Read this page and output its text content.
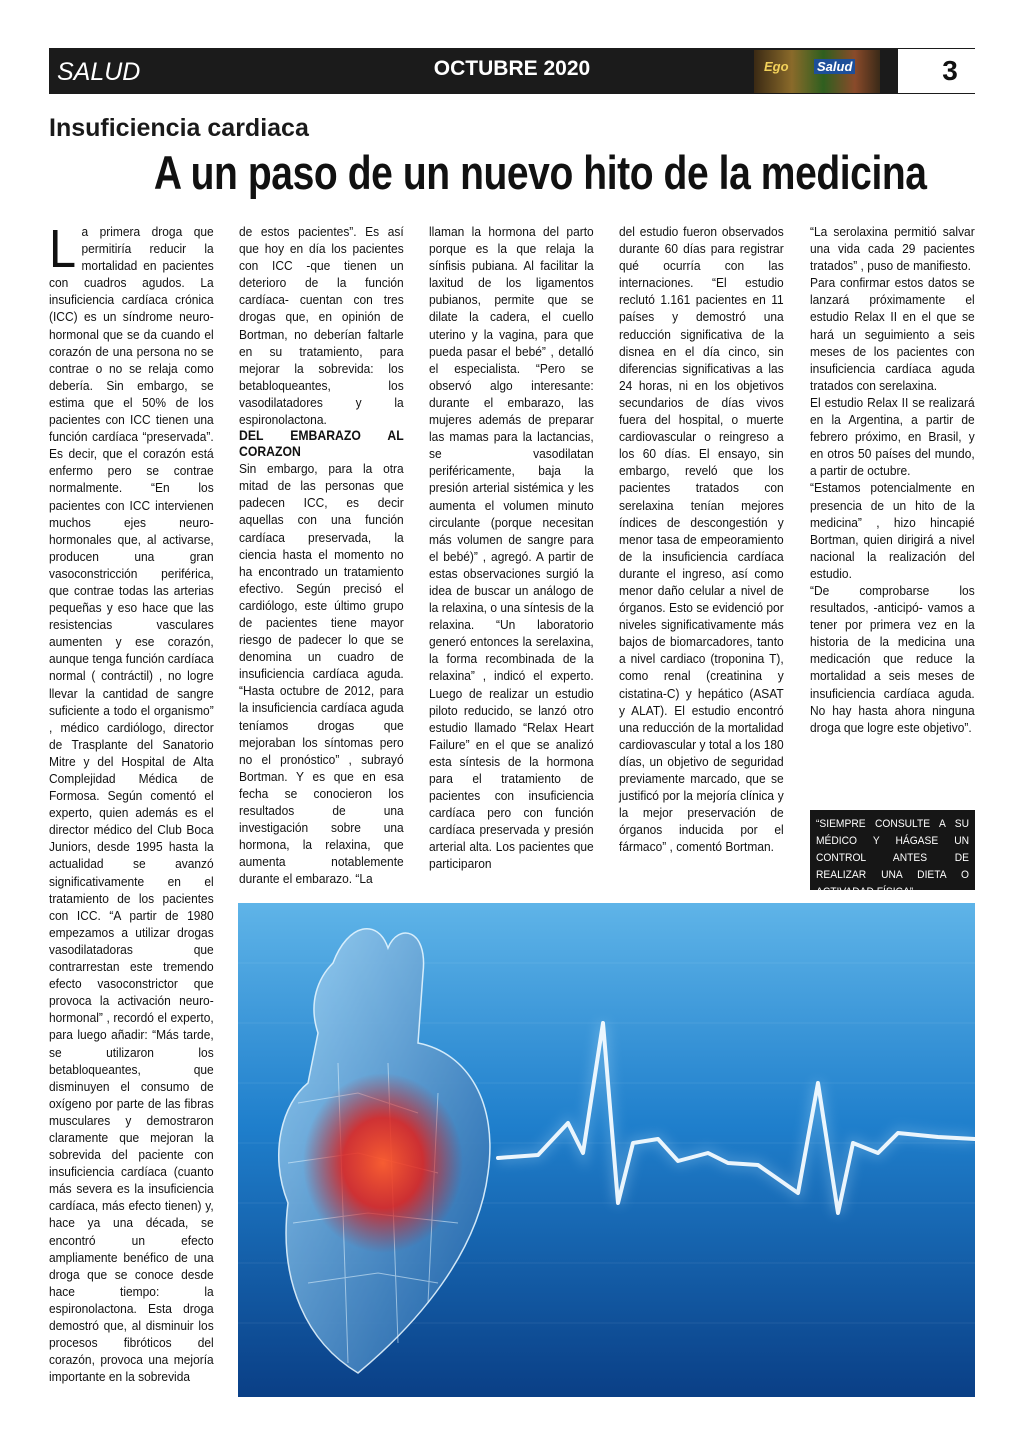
SALUD	OCTUBRE 2020	Ego Salud	3
Insuficiencia cardiaca
A un paso de un nuevo hito de la medicina
L a primera droga que permitiría reducir la mortalidad en pacientes con cuadros agudos. La insuficiencia cardíaca crónica (ICC) es un síndrome neuro-hormonal que se da cuando el corazón de una persona no se contrae o no se relaja como debería. Sin embargo, se estima que el 50% de los pacientes con ICC tienen una función cardíaca “preservada”. Es decir, que el corazón está enfermo pero se contrae normalmente. “En los pacientes con ICC intervienen muchos ejes neuro-hormonales que, al activarse, producen una gran vasoconstricción periférica, que contrae todas las arterias pequeñas y eso hace que las resistencias vasculares aumenten y ese corazón, aunque tenga función cardíaca normal ( contráctil) , no logre llevar la cantidad de sangre suficiente a todo el organismo” , médico cardiólogo, director de Trasplante del Sanatorio Mitre y del Hospital de Alta Complejidad Médica de Formosa. Según comentó el experto, quien además es el director médico del Club Boca Juniors, desde 1995 hasta la actualidad se avanzó significativamente en el tratamiento de los pacientes con ICC. “A partir de 1980 empezamos a utilizar drogas vasodilatadoras que contrarrestan este tremendo efecto vasoconstrictor que provoca la activación neuro-hormonal” , recordó el experto, para luego añadir: “Más tarde, se utilizaron los betabloqueantes, que disminuyen el consumo de oxígeno por parte de las fibras musculares y demostraron claramente que mejoran la sobrevida del paciente con insuficiencia cardíaca (cuanto más severa es la insuficiencia cardíaca, más efecto tienen) y, hace ya una década, se encontró un efecto ampliamente benéfico de una droga que se conoce desde hace tiempo: la espironolactona. Esta droga demostró que, al disminuir los procesos fibróticos del corazón, provoca una mejoría importante en la sobrevida

de estos pacientes”. Es así que hoy en día los pacientes con ICC -que tienen un deterioro de la función cardíaca- cuentan con tres drogas que, en opinión de Bortman, no deberían faltarle en su tratamiento, para mejorar la sobrevida: los betabloqueantes, los vasodilatadores y la espironolactona.

DEL EMBARAZO AL CORAZON

Sin embargo, para la otra mitad de las personas que padecen ICC, es decir aquellas con una función cardíaca preservada, la ciencia hasta el momento no ha encontrado un tratamiento efectivo. Según precisó el cardiólogo, este último grupo de pacientes tiene mayor riesgo de padecer lo que se denomina un cuadro de insuficiencia cardíaca aguda. “Hasta octubre de 2012, para la insuficiencia cardíaca aguda teníamos drogas que mejoraban los síntomas pero no el pronóstico” , subrayó Bortman. Y es que en esa fecha se conocieron los resultados de una investigación sobre una hormona, la relaxina, que aumenta notablemente durante el embarazo. “La

llaman la hormona del parto porque es la que relaja la sínfisis pubiana. Al facilitar la laxitud de los ligamentos pubianos, permite que se dilate la cadera, el cuello uterino y la vagina, para que pueda pasar el bebé” , detalló el especialista. “Pero se observó algo interesante: durante el embarazo, las mujeres además de preparar las mamas para la lactancias, se vasodilatan periféricamente, baja la presión arterial sistémica y les aumenta el volumen minuto circulante (porque necesitan más volumen de sangre para el bebé)” , agregó. A partir de estas observaciones surgió la idea de buscar un análogo de la relaxina, o una síntesis de la relaxina. “Un laboratorio generó entonces la serelaxina, la forma recombinada de la relaxina” , indicó el experto. Luego de realizar un estudio piloto reducido, se lanzó otro estudio llamado “Relax Heart Failure” en el que se analizó esta síntesis de la hormona para el tratamiento de pacientes con insuficiencia cardíaca pero con función cardíaca preservada y presión arterial alta. Los pacientes que participaron

del estudio fueron observados durante 60 días para registrar qué ocurría con las internaciones. “El estudio reclutó 1.161 pacientes en 11 países y demostró una reducción significativa de la disnea en el día cinco, sin diferencias significativas a las 24 horas, ni en los objetivos secundarios de días vivos fuera del hospital, o muerte cardiovascular o reingreso a los 60 días. El ensayo, sin embargo, reveló que los pacientes tratados con serelaxina tenían mejores índices de descongestión y menor tasa de empeoramiento de la insuficiencia cardíaca durante el ingreso, así como menor daño celular a nivel de órganos. Esto se evidenció por niveles significativamente más bajos de biomarcadores, tanto a nivel cardiaco (troponina T), como renal (creatinina y cistatina-C) y hepático (ASAT y ALAT). El estudio encontró una reducción de la mortalidad cardiovascular y total a los 180 días, un objetivo de seguridad previamente marcado, que se justificó por la mejoría clínica y la mejor preservación de órganos inducida por el fármaco” , comentó Bortman.

“La serolaxina permitió salvar una vida cada 29 pacientes tratados” , puso de manifiesto.

Para confirmar estos datos se lanzará próximamente el estudio Relax II en el que se hará un seguimiento a seis meses de los pacientes con insuficiencia cardíaca aguda tratados con serelaxina.

El estudio Relax II se realizará en la Argentina, a partir de febrero próximo, en Brasil, y en otros 50 países del mundo, a partir de octubre.

“Estamos potencialmente en presencia de un hito de la medicina” , hizo hincapié Bortman, quien dirigirá a nivel nacional la realización del estudio.

“De comprobarse los resultados, -anticipó- vamos a tener por primera vez en la historia de la medicina una medicación que reduce la mortalidad a seis meses de insuficiencia cardíaca aguda. No hay hasta ahora ninguna droga que logre este objetivo”.

“SIEMPRE CONSULTE A SU MÉDICO Y HÁGASE UN CONTROL ANTES DE REALIZAR UNA DIETA O ACTIVADAD FÍSICA”
